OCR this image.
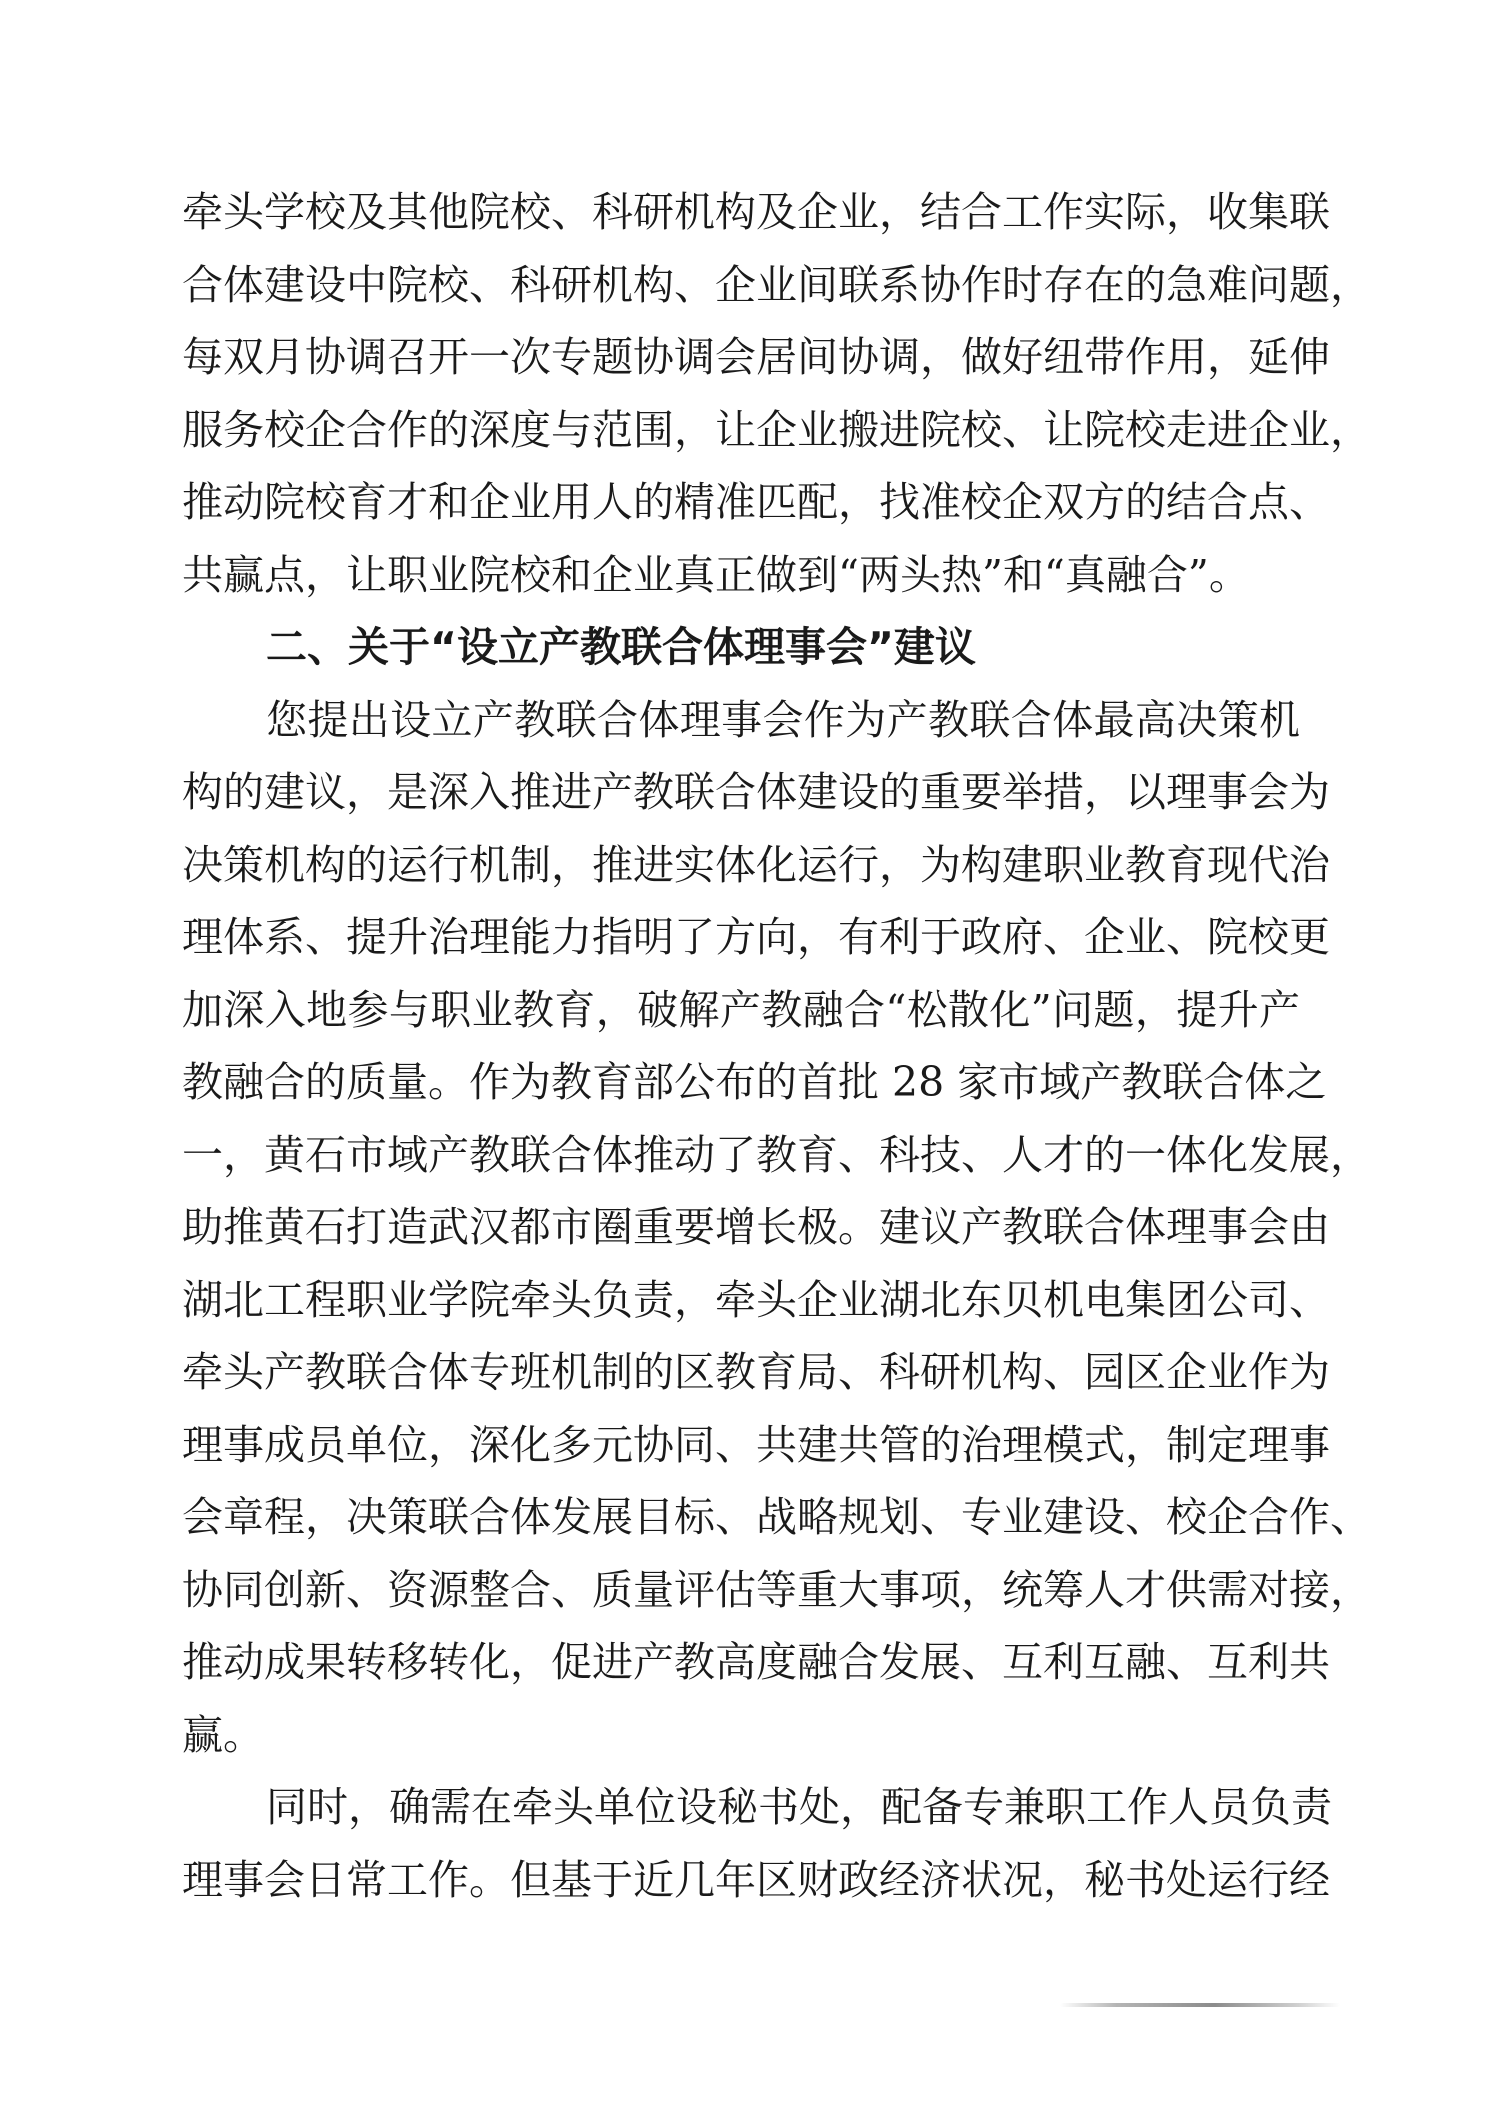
牵头学校及其他院校、科研机构及企业，结合工作实际，收集联
合体建设中院校、科研机构、企业间联系协作时存在的急难问题，
每双月协调召开一次专题协调会居间协调，做好纽带作用，延伸
服务校企合作的深度与范围，让企业搬进院校、让院校走进企业，
推动院校育才和企业用人的精准匹配，找准校企双方的结合点、
共赢点，让职业院校和企业真正做到“两头热”和“真融合”。
二、关于“设立产教联合体理事会”建议
您提出设立产教联合体理事会作为产教联合体最高决策机
构的建议，是深入推进产教联合体建设的重要举措，以理事会为
决策机构的运行机制，推进实体化运行，为构建职业教育现代治
理体系、提升治理能力指明了方向，有利于政府、企业、院校更
加深入地参与职业教育，破解产教融合“松散化”问题，提升产
教融合的质量。作为教育部公布的首批 28 家市域产教联合体之
一，黄石市域产教联合体推动了教育、科技、人才的一体化发展，
助推黄石打造武汉都市圈重要增长极。建议产教联合体理事会由
湖北工程职业学院牵头负责，牵头企业湖北东贝机电集团公司、
牵头产教联合体专班机制的区教育局、科研机构、园区企业作为
理事成员单位，深化多元协同、共建共管的治理模式，制定理事
会章程，决策联合体发展目标、战略规划、专业建设、校企合作、
协同创新、资源整合、质量评估等重大事项，统筹人才供需对接，
推动成果转移转化，促进产教高度融合发展、互利互融、互利共
赢。
同时，确需在牵头单位设秘书处，配备专兼职工作人员负责
理事会日常工作。但基于近几年区财政经济状况，秘书处运行经
